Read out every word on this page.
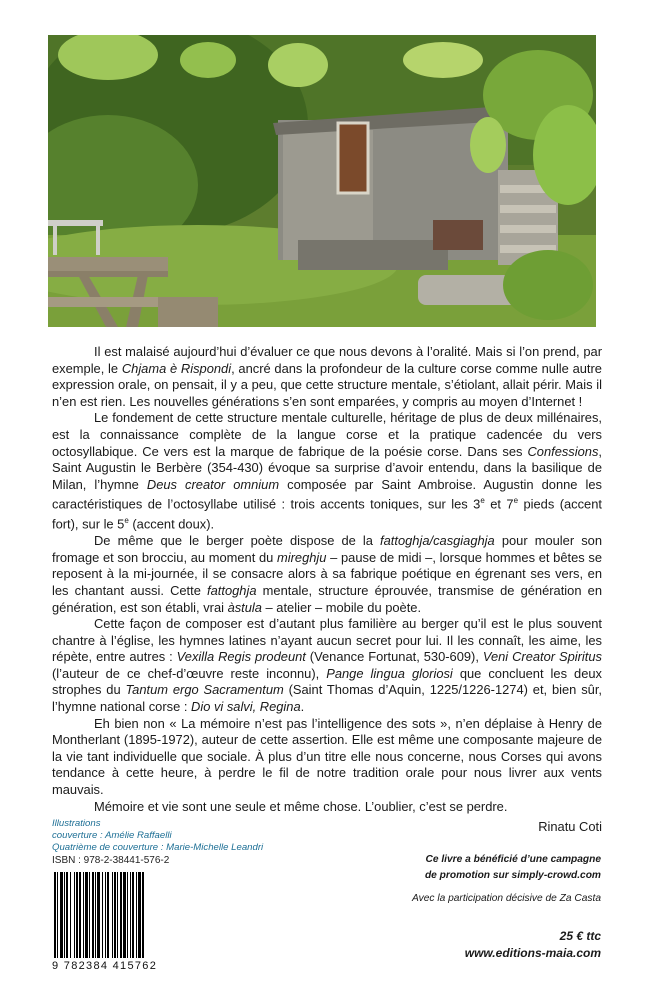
Il est malaisé aujourd’hui d’évaluer ce que nous devons à l’oralité. Mais si l’on prend, par exemple, le Chjama è Rispondi, ancré dans la profondeur de la culture corse comme nulle autre expression orale, on pensait, il y a peu, que cette structure mentale, s’étiolant, allait périr. Mais il n’en est rien. Les nouvelles générations s’en sont emparées, y compris au moyen d’Internet !

Le fondement de cette structure mentale culturelle, héritage de plus de deux millénaires, est la connaissance complète de la langue corse et la pratique cadencée du vers octosyllabique. Ce vers est la marque de fabrique de la poésie corse. Dans ses Confessions, Saint Augustin le Berbère (354-430) évoque sa surprise d’avoir entendu, dans la basilique de Milan, l’hymne Deus creator omnium composée par Saint Ambroise. Augustin donne les caractéristiques de l’octosyllabe utilisé : trois accents toniques, sur les 3e et 7e pieds (accent fort), sur le 5e (accent doux).

De même que le berger poète dispose de la fattoghja/casgiaghja pour mouler son fromage et son brocciu, au moment du mireghju – pause de midi –, lorsque hommes et bêtes se reposent à la mi-journée, il se consacre alors à sa fabrique poétique en égrenant ses vers, en les chantant aussi. Cette fattoghja mentale, structure éprouvée, transmise de génération en génération, est son établi, vrai àstula – atelier – mobile du poète.

Cette façon de composer est d’autant plus familière au berger qu’il est le plus souvent chantre à l’église, les hymnes latines n’ayant aucun secret pour lui. Il les connaît, les aime, les répète, entre autres : Vexilla Regis prodeunt (Venance Fortunat, 530-609), Veni Creator Spiritus (l’auteur de ce chef-d’œuvre reste inconnu), Pange lingua gloriosi que concluent les deux strophes du Tantum ergo Sacramentum (Saint Thomas d’Aquin, 1225/1226-1274) et, bien sûr, l’hymne national corse : Dio vi salvi, Regina.

Eh bien non « La mémoire n’est pas l’intelligence des sots », n’en déplaise à Henry de Montherlant (1895-1972), auteur de cette assertion. Elle est même une composante majeure de la vie tant individuelle que sociale. À plus d’un titre elle nous concerne, nous Corses qui avons tendance à cette heure, à perdre le fil de notre tradition orale pour nous livrer aux vents mauvais.

Mémoire et vie sont une seule et même chose. L’oublier, c’est se perdre.

Rinatu Coti

Illustrations
couverture : Amélie Raffaelli
Quatrième de couverture : Marie-Michelle Leandri
ISBN : 978-2-38441-576-2
9 782384 415762
Ce livre a bénéficié d’une campagne
de promotion sur simply-crowd.com
Avec la participation décisive de Za Casta
25 € ttc
www.editions-maia.com
